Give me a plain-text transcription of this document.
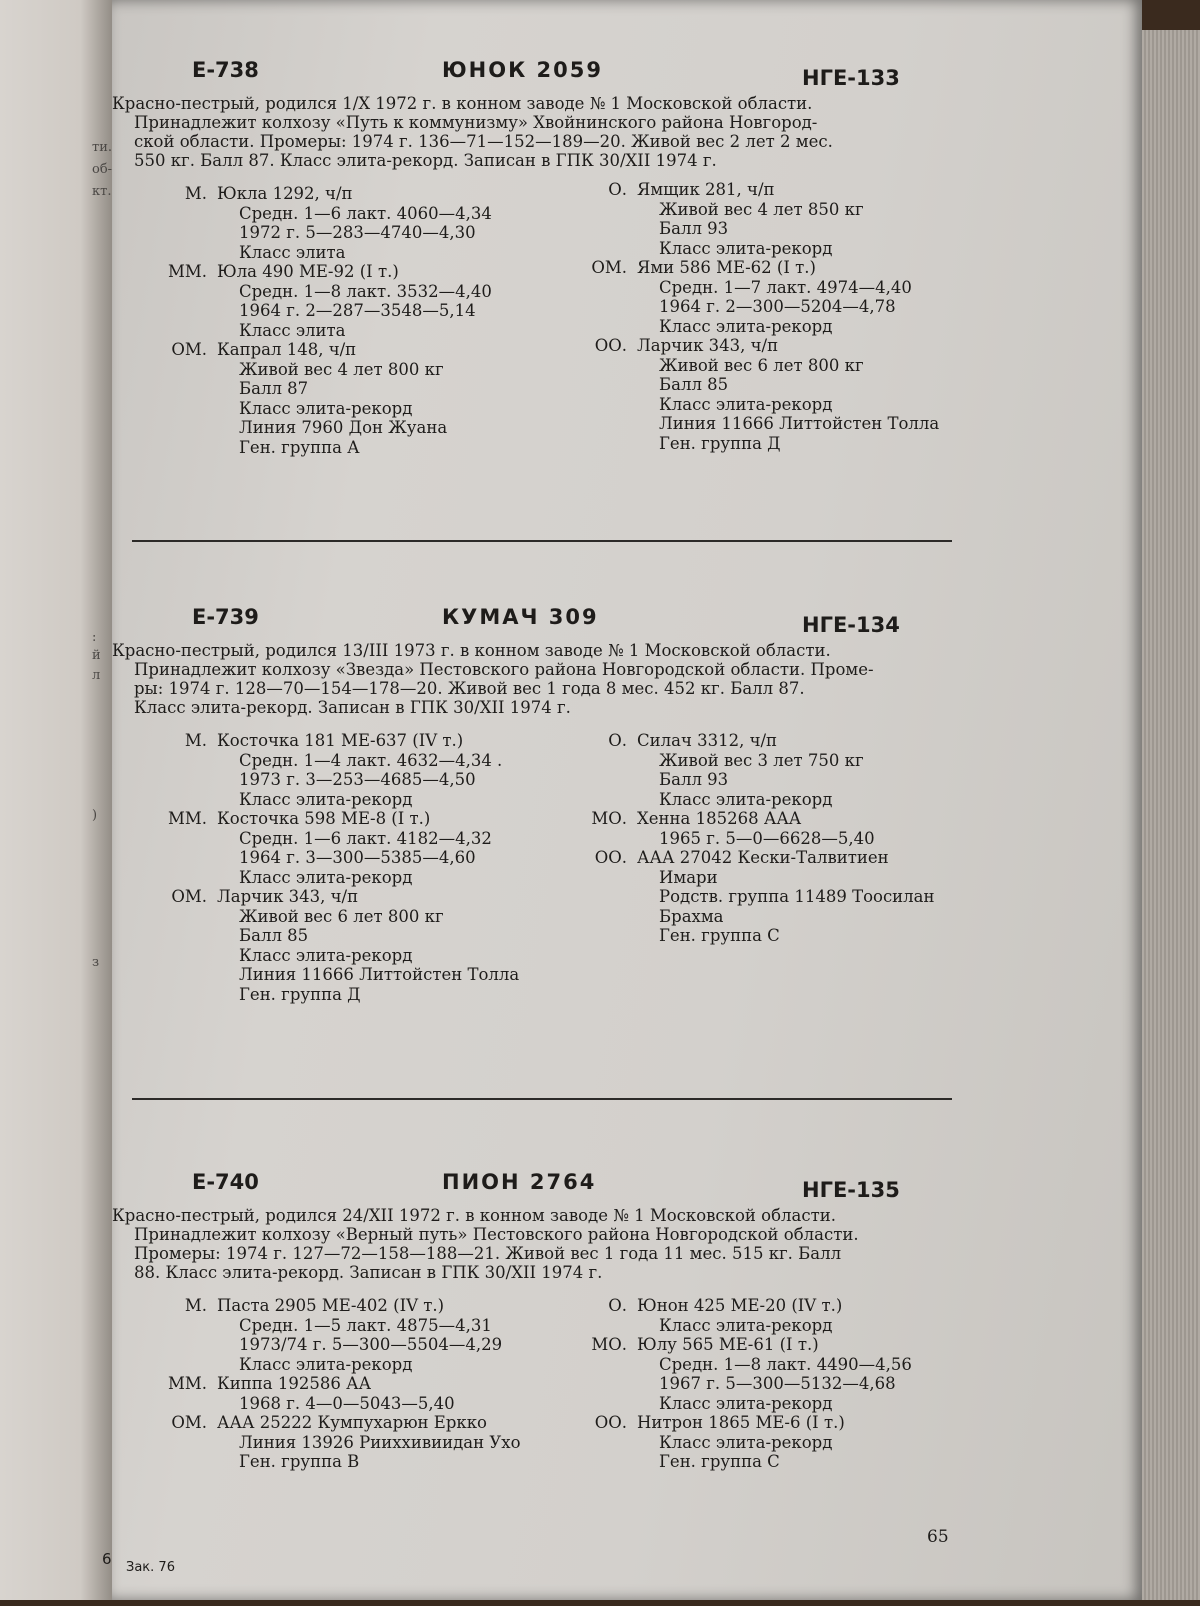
ти.
об-
кт.
:
й
л
)
з
65
6 Зак. 76
Е-738	ЮНОК 2059	НГЕ-133
Красно-пестрый, родился 1/X 1972 г. в конном заводе № 1 Московской области.
Принадлежит колхозу «Путь к коммунизму» Хвойнинского района Новгород-
ской области. Промеры: 1974 г. 136—71—152—189—20. Живой вес 2 лет 2 мес.
550 кг. Балл 87. Класс элита-рекорд. Записан в ГПК 30/XII 1974 г.
М. Юкла 1292, ч/п
Средн. 1—6 лакт. 4060—4,34
1972 г. 5—283—4740—4,30
Класс элита
ММ. Юла 490 МЕ-92 (I т.)
Средн. 1—8 лакт. 3532—4,40
1964 г. 2—287—3548—5,14
Класс элита
ОМ. Капрал 148, ч/п
Живой вес 4 лет 800 кг
Балл 87
Класс элита-рекорд
Линия 7960 Дон Жуана
Ген. группа А
О. Ямщик 281, ч/п
Живой вес 4 лет 850 кг
Балл 93
Класс элита-рекорд
ОМ. Ями 586 МЕ-62 (I т.)
Средн. 1—7 лакт. 4974—4,40
1964 г. 2—300—5204—4,78
Класс элита-рекорд
ОО. Ларчик 343, ч/п
Живой вес 6 лет 800 кг
Балл 85
Класс элита-рекорд
Линия 11666 Литтойстен Толла
Ген. группа Д
Е-739	КУМАЧ 309	НГЕ-134
Красно-пестрый, родился 13/III 1973 г. в конном заводе № 1 Московской области.
Принадлежит колхозу «Звезда» Пестовского района Новгородской области. Проме-
ры: 1974 г. 128—70—154—178—20. Живой вес 1 года 8 мес. 452 кг. Балл 87.
Класс элита-рекорд. Записан в ГПК 30/XII 1974 г.
М. Косточка 181 МЕ-637 (IV т.)
Средн. 1—4 лакт. 4632—4,34 .
1973 г. 3—253—4685—4,50
Класс элита-рекорд
ММ. Косточка 598 МЕ-8 (I т.)
Средн. 1—6 лакт. 4182—4,32
1964 г. 3—300—5385—4,60
Класс элита-рекорд
ОМ. Ларчик 343, ч/п
Живой вес 6 лет 800 кг
Балл 85
Класс элита-рекорд
Линия 11666 Литтойстен Толла
Ген. группа Д
О. Силач 3312, ч/п
Живой вес 3 лет 750 кг
Балл 93
Класс элита-рекорд
МО. Хенна 185268 ААА
1965 г. 5—0—6628—5,40
ОО. ААА 27042 Кески-Талвитиен
Имари
Родств. группа 11489 Тоосилан
Брахма
Ген. группа С
Е-740	ПИОН 2764	НГЕ-135
Красно-пестрый, родился 24/XII 1972 г. в конном заводе № 1 Московской области.
Принадлежит колхозу «Верный путь» Пестовского района Новгородской области.
Промеры: 1974 г. 127—72—158—188—21. Живой вес 1 года 11 мес. 515 кг. Балл
88. Класс элита-рекорд. Записан в ГПК 30/XII 1974 г.
М. Паста 2905 МЕ-402 (IV т.)
Средн. 1—5 лакт. 4875—4,31
1973/74 г. 5—300—5504—4,29
Класс элита-рекорд
ММ. Киппа 192586 АА
1968 г. 4—0—5043—5,40
ОМ. ААА 25222 Кумпухарюн Еркко
Линия 13926 Рииххивиидан Ухо
Ген. группа В
О. Юнон 425 МЕ-20 (IV т.)
Класс элита-рекорд
МО. Юлу 565 МЕ-61 (I т.)
Средн. 1—8 лакт. 4490—4,56
1967 г. 5—300—5132—4,68
Класс элита-рекорд
ОО. Нитрон 1865 МЕ-6 (I т.)
Класс элита-рекорд
Ген. группа С
